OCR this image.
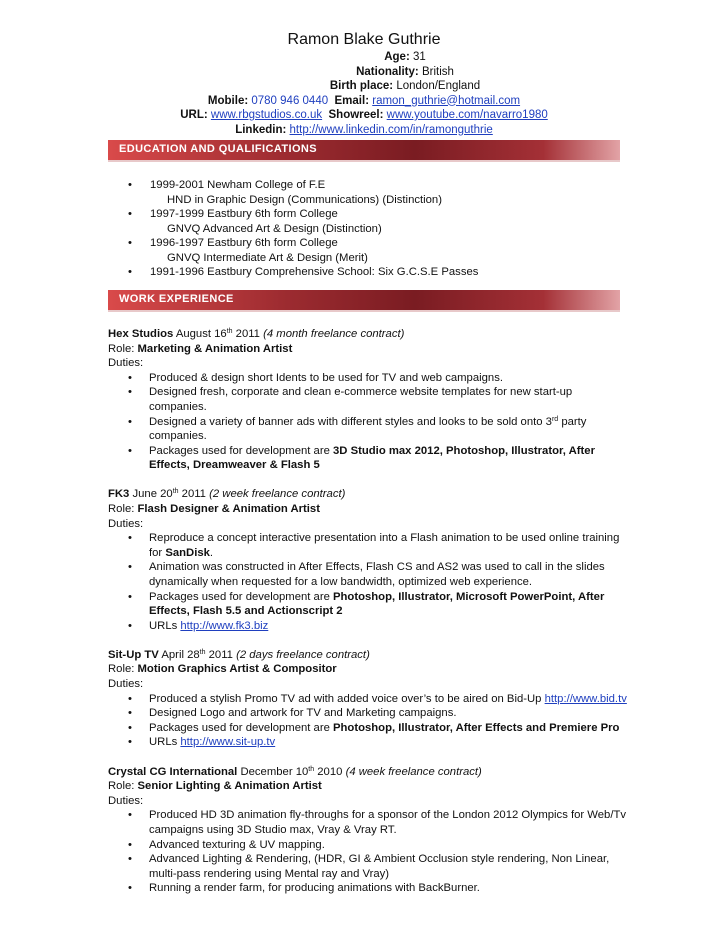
Ramon Blake Guthrie
Age: 31
Nationality: British
Birth place: London/England
Mobile: 0780 946 0440 Email: ramon_guthrie@hotmail.com
URL: www.rbgstudios.co.uk Showreel: www.youtube.com/navarro1980
Linkedin: http://www.linkedin.com/in/ramonguthrie
EDUCATION AND QUALIFICATIONS
• 1999-2001 Newham College of F.E
HND in Graphic Design (Communications) (Distinction)
• 1997-1999 Eastbury 6th form College
GNVQ Advanced Art & Design (Distinction)
• 1996-1997 Eastbury 6th form College
GNVQ Intermediate Art & Design (Merit)
• 1991-1996 Eastbury Comprehensive School: Six G.C.S.E Passes
WORK EXPERIENCE
Hex Studios August 16th 2011 (4 month freelance contract)
Role: Marketing & Animation Artist
Duties:
• Produced & design short Idents to be used for TV and web campaigns.
• Designed fresh, corporate and clean e-commerce website templates for new start-up companies.
• Designed a variety of banner ads with different styles and looks to be sold onto 3rd party companies.
• Packages used for development are 3D Studio max 2012, Photoshop, Illustrator, After Effects, Dreamweaver & Flash 5
FK3 June 20th 2011 (2 week freelance contract)
Role: Flash Designer & Animation Artist
Duties:
• Reproduce a concept interactive presentation into a Flash animation to be used online training for SanDisk.
• Animation was constructed in After Effects, Flash CS and AS2 was used to call in the slides dynamically when requested for a low bandwidth, optimized web experience.
• Packages used for development are Photoshop, Illustrator, Microsoft PowerPoint, After Effects, Flash 5.5 and Actionscript 2
• URLs http://www.fk3.biz
Sit-Up TV April 28th 2011 (2 days freelance contract)
Role: Motion Graphics Artist & Compositor
Duties:
• Produced a stylish Promo TV ad with added voice over’s to be aired on Bid-Up http://www.bid.tv
• Designed Logo and artwork for TV and Marketing campaigns.
• Packages used for development are Photoshop, Illustrator, After Effects and Premiere Pro
• URLs http://www.sit-up.tv
Crystal CG International December 10th 2010 (4 week freelance contract)
Role: Senior Lighting & Animation Artist
Duties:
• Produced HD 3D animation fly-throughs for a sponsor of the London 2012 Olympics for Web/Tv campaigns using 3D Studio max, Vray & Vray RT.
• Advanced texturing & UV mapping.
• Advanced Lighting & Rendering, (HDR, GI & Ambient Occlusion style rendering, Non Linear, multi-pass rendering using Mental ray and Vray)
• Running a render farm, for producing animations with BackBurner.
